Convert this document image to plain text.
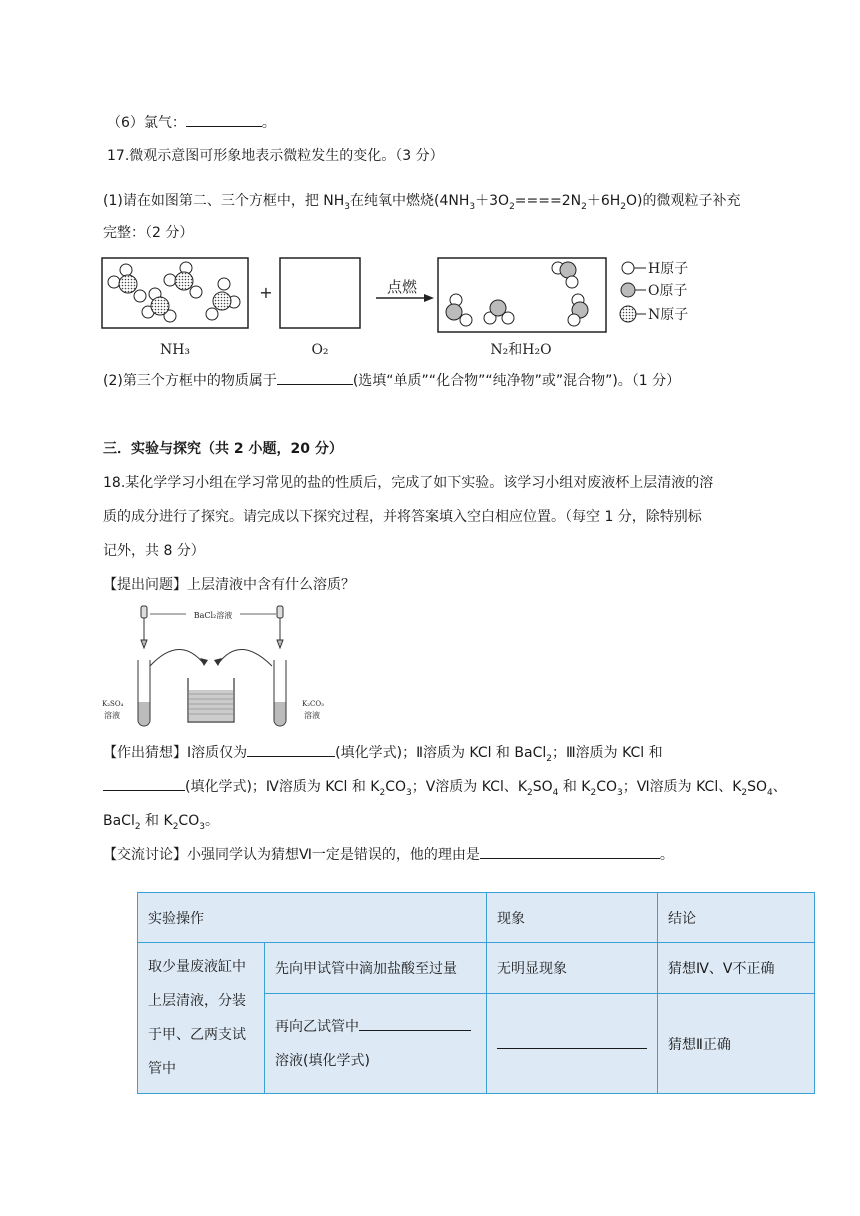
（6）氯气：	。
17.微观示意图可形象地表示微粒发生的变化。（3 分）
(1)请在如图第二、三个方框中，把 $NH_3$在纯氧中燃烧$(4NH_3+3O_2====2N_2+6H_2O)$的微观粒子补充
完整：（2 分）
NH₃
+
O₂
点燃
N₂和H₂O
H原子
O原子
N原子
(2)第三个方框中的物质属于	(选填“单质”“化合物”“纯净物”或”混合物”)。（1 分）
三．实验与探究（共 2 小题，20 分）
18.某化学学习小组在学习常见的盐的性质后，完成了如下实验。该学习小组对废液杯上层清液的溶
质的成分进行了探究。请完成以下探究过程，并将答案填入空白相应位置。（每空 1 分，除特别标
记外，共 8 分）
【提出问题】上层清液中含有什么溶质？
BaCl₂溶液
K₂SO₄
溶液
K₂CO₃
溶液
【作出猜想】Ⅰ溶质仅为	(填化学式)；Ⅱ溶质为 KCl 和 BaCl$_2$；Ⅲ溶质为 KCl 和
(填化学式)；Ⅳ溶质为 KCl 和 $K_2CO_3$；Ⅴ溶质为 KCl、$K_2SO_4$ 和 $K_2CO_3$；Ⅵ溶质为 KCl、$K_2SO_4$、
BaCl$_2$ 和 $K_2CO_3$。
【交流讨论】小强同学认为猜想Ⅵ一定是错误的，他的理由是	。
实验操作		现象	结论

取少量废液缸中
上层清液，分装
于甲、乙两支试
管中	先向甲试管中滴加盐酸至过量	无明显现象	猜想Ⅳ、Ⅴ不正确

	再向乙试管中
溶液(填化学式)		猜想Ⅱ正确
